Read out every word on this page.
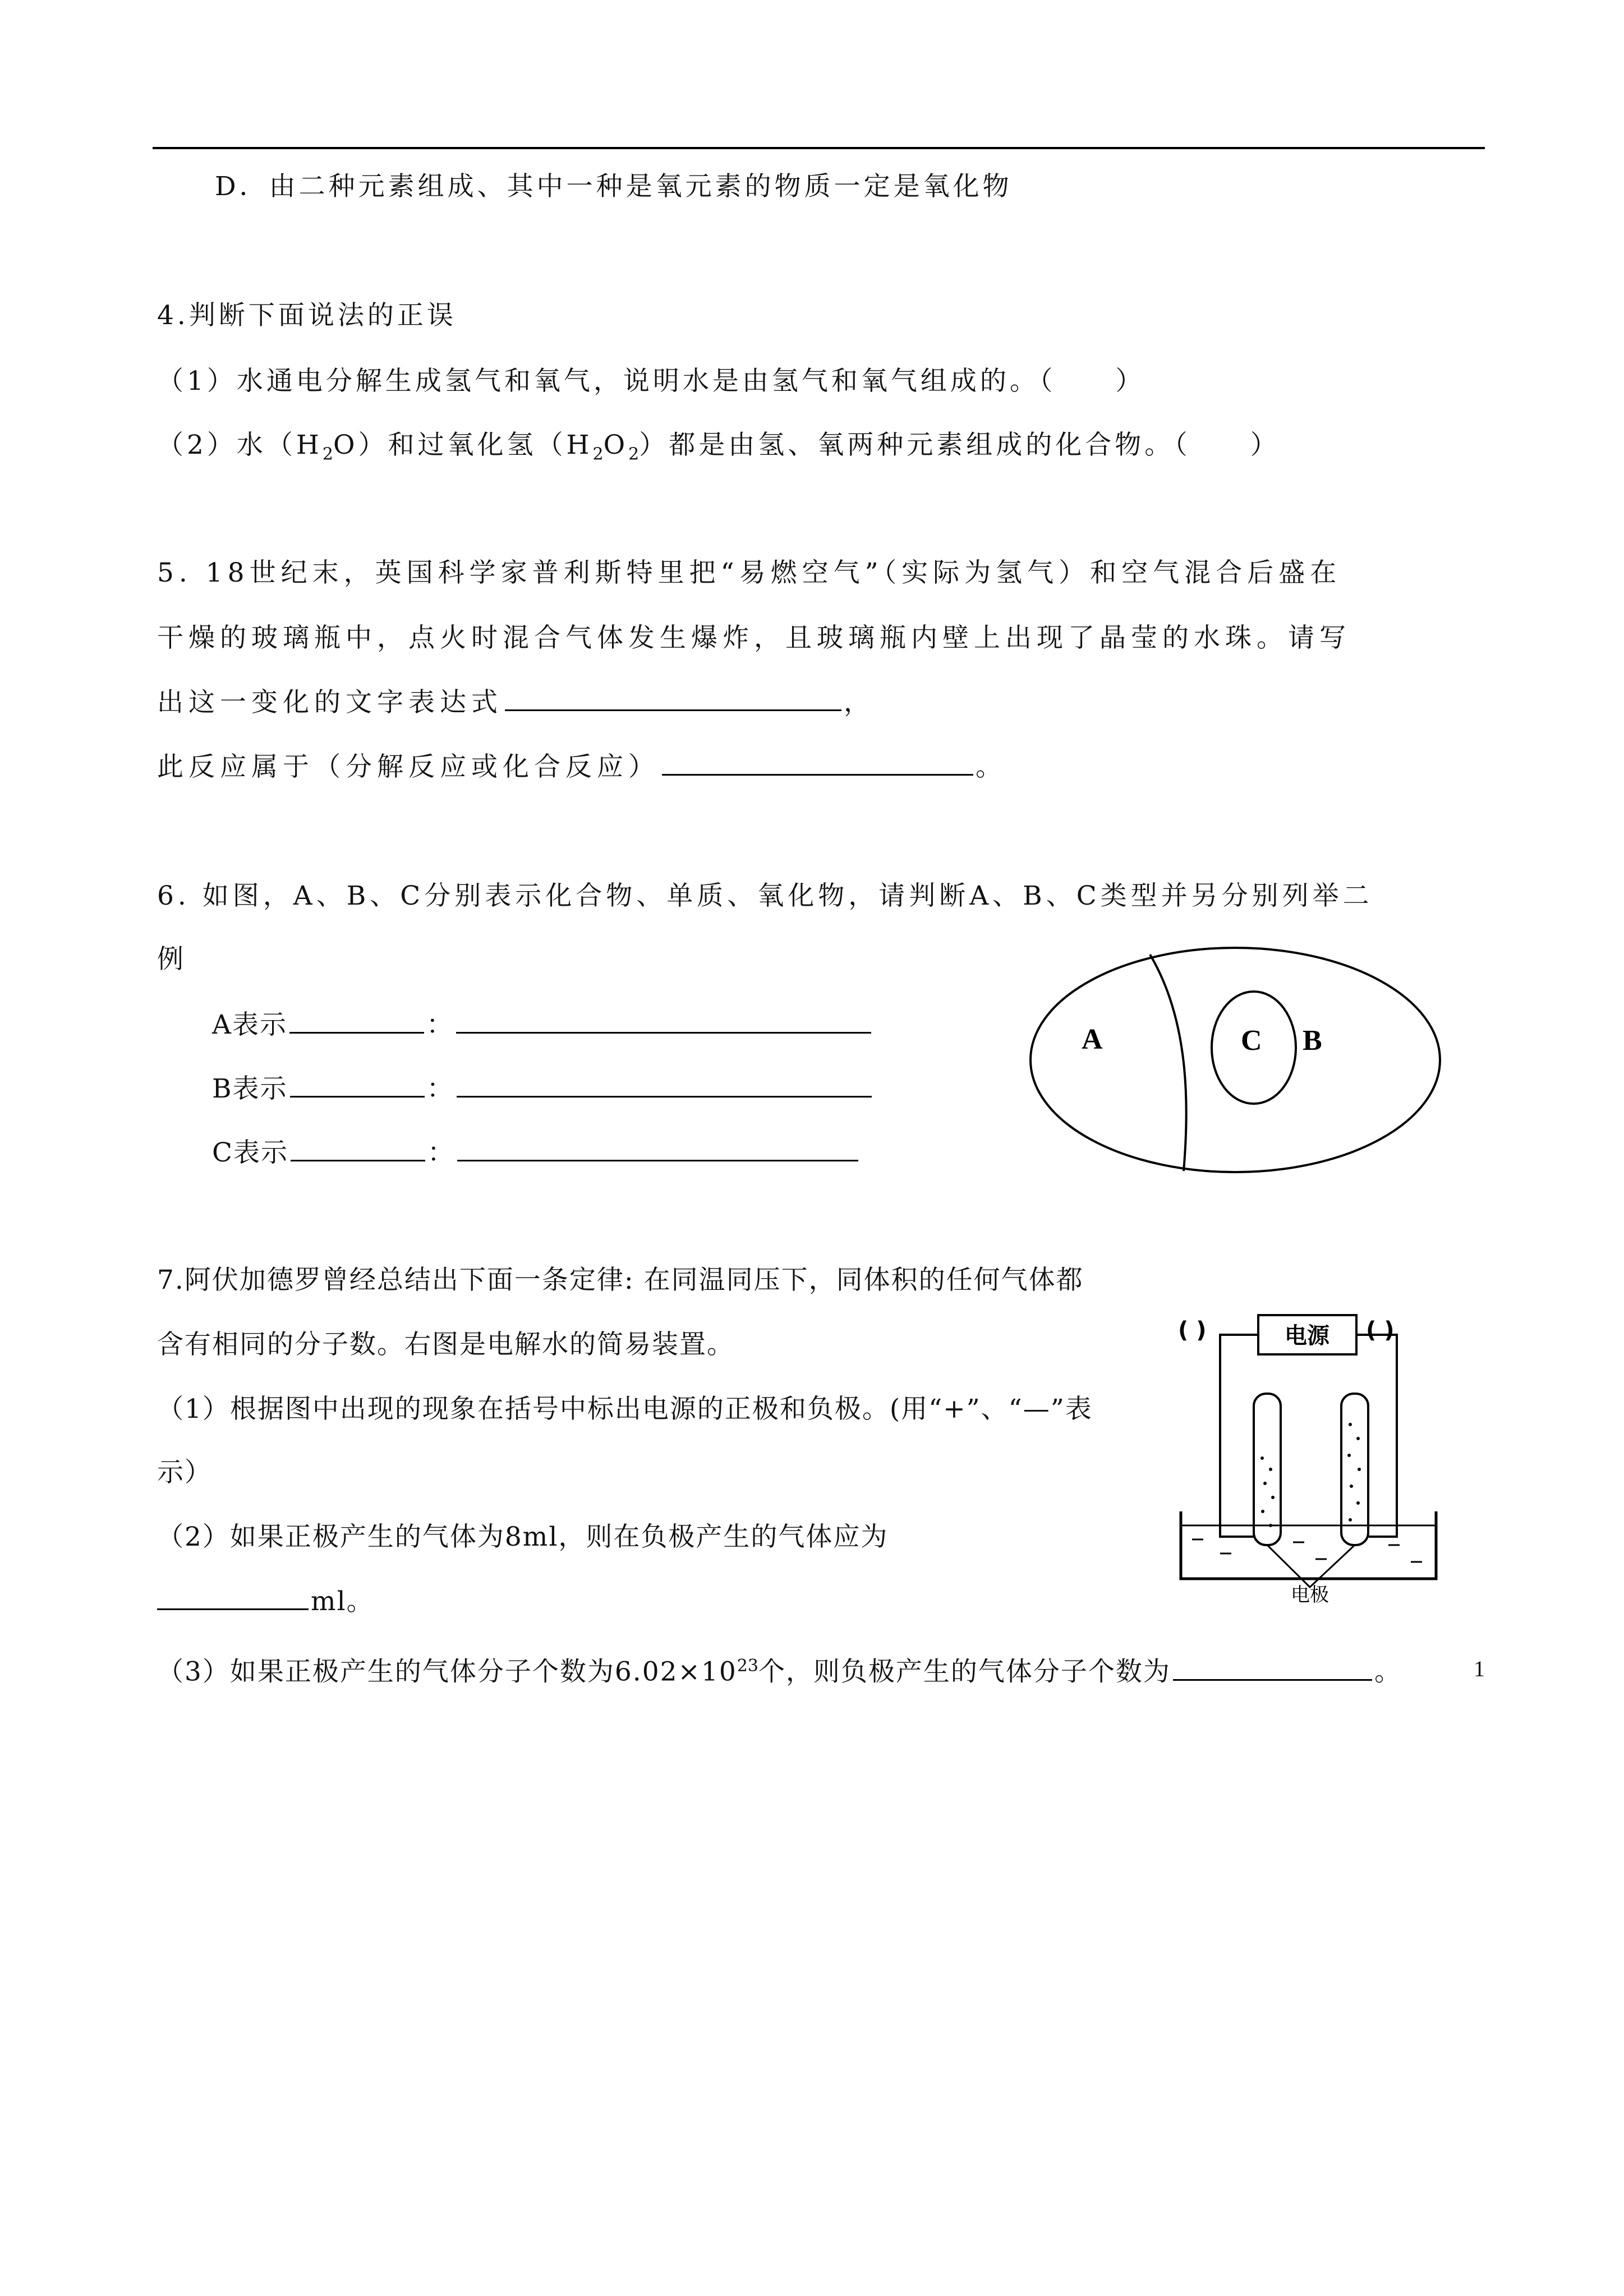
D．由二种元素组成、其中一种是氧元素的物质一定是氧化物
4.判断下面说法的正误
（1）水通电分解生成氢气和氧气，说明水是由氢气和氧气组成的。（　　）
（2）水$(H_2O)$和过氧化氢$(H_2O_2)$都是由氢、氧两种元素组成的化合物。（　　）
5. 18世纪末，英国科学家普利斯特里把“易燃空气”（实际为氢气）和空气混合后盛在
干燥的玻璃瓶中，点火时混合气体发生爆炸，且玻璃瓶内壁上出现了晶莹的水珠。请写
出这一变化的文字表达式	，
此反应属于（分解反应或化合反应）	。
6. 如图，A、B、C分别表示化合物、单质、氧化物，请判断A、B、C类型并另分别列举二
例
A表示	：
B表示	：
C表示	：
A	C B
7.阿伏加德罗曾经总结出下面一条定律: 在同温同压下，同体积的任何气体都
含有相同的分子数。右图是电解水的简易装置。
（1）根据图中出现的现象在括号中标出电源的正极和负极。(用“+”、“—”表
示）
（2）如果正极产生的气体为8ml，则在负极产生的气体应为
ml。
（3）如果正极产生的气体分子个数为$6.02\times 10^{23}$个，则负极产生的气体分子个数为	。
( )	( )
电源
电极
1
